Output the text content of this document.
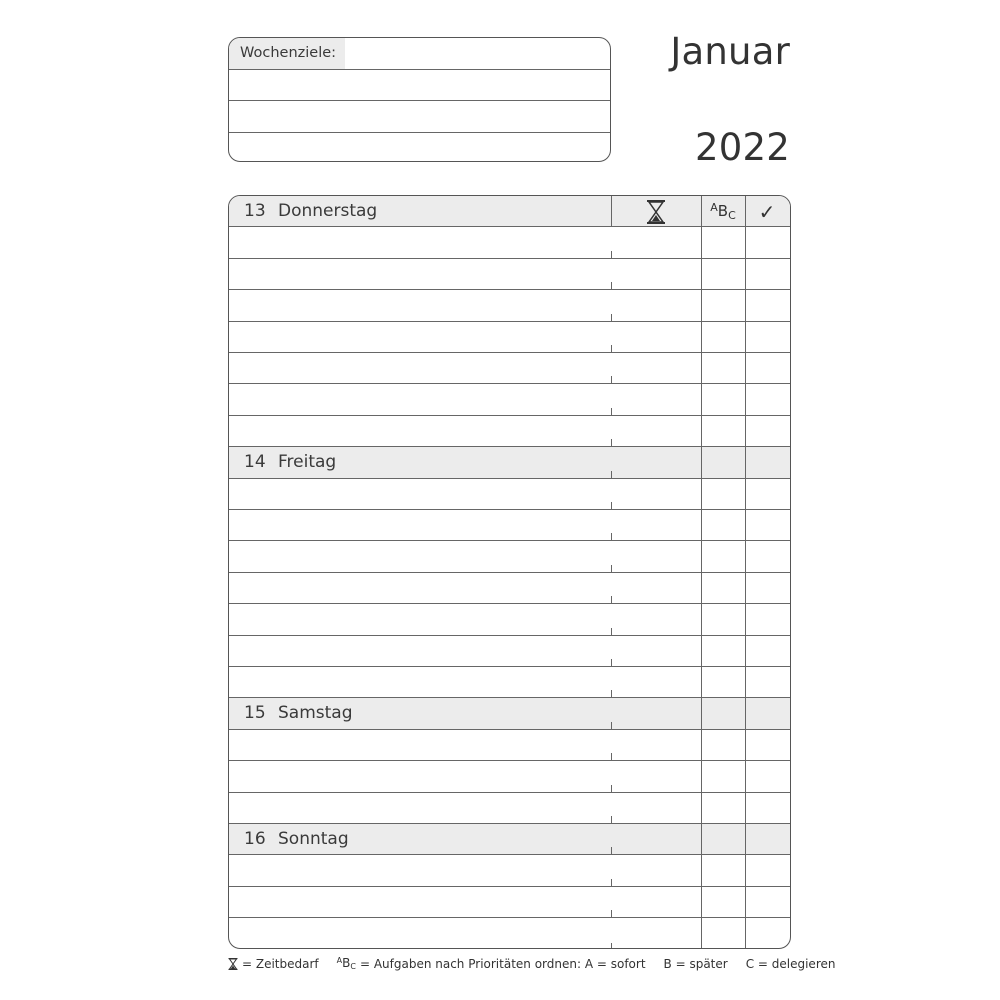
Wochenziele:	Januar
2022
13 Donnerstag
14 Freitag
15 Samstag
16 Sonntag
$^AB_C$	✓
= Zeitbedarf $^AB_C$ = Aufgaben nach Prioritäten ordnen: A = sofort B = später C = delegieren
